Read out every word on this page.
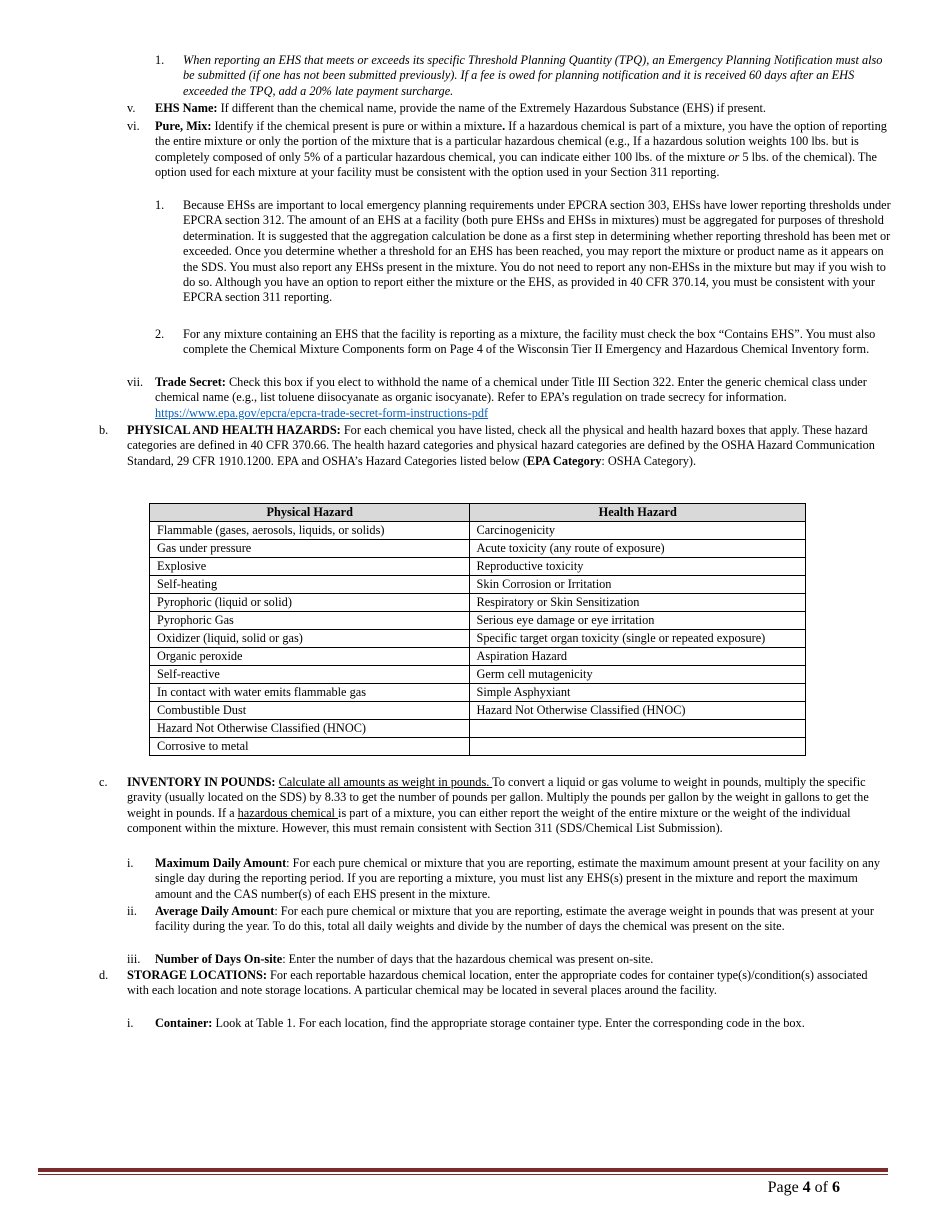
1. When reporting an EHS that meets or exceeds its specific Threshold Planning Quantity (TPQ), an Emergency Planning Notification must also be submitted (if one has not been submitted previously). If a fee is owed for planning notification and it is received 60 days after an EHS exceeded the TPQ, add a 20% late payment surcharge.
v. EHS Name: If different than the chemical name, provide the name of the Extremely Hazardous Substance (EHS) if present.
vi. Pure, Mix: Identify if the chemical present is pure or within a mixture. If a hazardous chemical is part of a mixture, you have the option of reporting the entire mixture or only the portion of the mixture that is a particular hazardous chemical (e.g., If a hazardous solution weights 100 lbs. but is completely composed of only 5% of a particular hazardous chemical, you can indicate either 100 lbs. of the mixture or 5 lbs. of the chemical). The option used for each mixture at your facility must be consistent with the option used in your Section 311 reporting.
1. Because EHSs are important to local emergency planning requirements under EPCRA section 303, EHSs have lower reporting thresholds under EPCRA section 312. The amount of an EHS at a facility (both pure EHSs and EHSs in mixtures) must be aggregated for purposes of threshold determination. It is suggested that the aggregation calculation be done as a first step in determining whether reporting threshold has been met or exceeded. Once you determine whether a threshold for an EHS has been reached, you may report the mixture or product name as it appears on the SDS. You must also report any EHSs present in the mixture. You do not need to report any non-EHSs in the mixture but may if you wish to do so. Although you have an option to report either the mixture or the EHS, as provided in 40 CFR 370.14, you must be consistent with your EPCRA section 311 reporting.
2. For any mixture containing an EHS that the facility is reporting as a mixture, the facility must check the box “Contains EHS”. You must also complete the Chemical Mixture Components form on Page 4 of the Wisconsin Tier II Emergency and Hazardous Chemical Inventory form.
vii. Trade Secret: Check this box if you elect to withhold the name of a chemical under Title III Section 322. Enter the generic chemical class under chemical name (e.g., list toluene diisocyanate as organic isocyanate). Refer to EPA’s regulation on trade secrecy for information. https://www.epa.gov/epcra/epcra-trade-secret-form-instructions-pdf
b. PHYSICAL AND HEALTH HAZARDS: For each chemical you have listed, check all the physical and health hazard boxes that apply. These hazard categories are defined in 40 CFR 370.66. The health hazard categories and physical hazard categories are defined by the OSHA Hazard Communication Standard, 29 CFR 1910.1200. EPA and OSHA’s Hazard Categories listed below (EPA Category: OSHA Category).
Physical Hazard	Health Hazard
Flammable (gases, aerosols, liquids, or solids)	Carcinogenicity
Gas under pressure	Acute toxicity (any route of exposure)
Explosive	Reproductive toxicity
Self-heating	Skin Corrosion or Irritation
Pyrophoric (liquid or solid)	Respiratory or Skin Sensitization
Pyrophoric Gas	Serious eye damage or eye irritation
Oxidizer (liquid, solid or gas)	Specific target organ toxicity (single or repeated exposure)
Organic peroxide	Aspiration Hazard
Self-reactive	Germ cell mutagenicity
In contact with water emits flammable gas	Simple Asphyxiant
Combustible Dust	Hazard Not Otherwise Classified (HNOC)
Hazard Not Otherwise Classified (HNOC)	
Corrosive to metal	
c. INVENTORY IN POUNDS: Calculate all amounts as weight in pounds. To convert a liquid or gas volume to weight in pounds, multiply the specific gravity (usually located on the SDS) by 8.33 to get the number of pounds per gallon. Multiply the pounds per gallon by the weight in gallons to get the weight in pounds. If a hazardous chemical is part of a mixture, you can either report the weight of the entire mixture or the weight of the individual component within the mixture. However, this must remain consistent with Section 311 (SDS/Chemical List Submission).
i. Maximum Daily Amount: For each pure chemical or mixture that you are reporting, estimate the maximum amount present at your facility on any single day during the reporting period. If you are reporting a mixture, you must list any EHS(s) present in the mixture and report the maximum amount and the CAS number(s) of each EHS present in the mixture.
ii. Average Daily Amount: For each pure chemical or mixture that you are reporting, estimate the average weight in pounds that was present at your facility during the year. To do this, total all daily weights and divide by the number of days the chemical was present on the site.
iii. Number of Days On-site: Enter the number of days that the hazardous chemical was present on-site.
d. STORAGE LOCATIONS: For each reportable hazardous chemical location, enter the appropriate codes for container type(s)/condition(s) associated with each location and note storage locations. A particular chemical may be located in several places around the facility.
i. Container: Look at Table 1. For each location, find the appropriate storage container type. Enter the corresponding code in the box.
Page 4 of 6
